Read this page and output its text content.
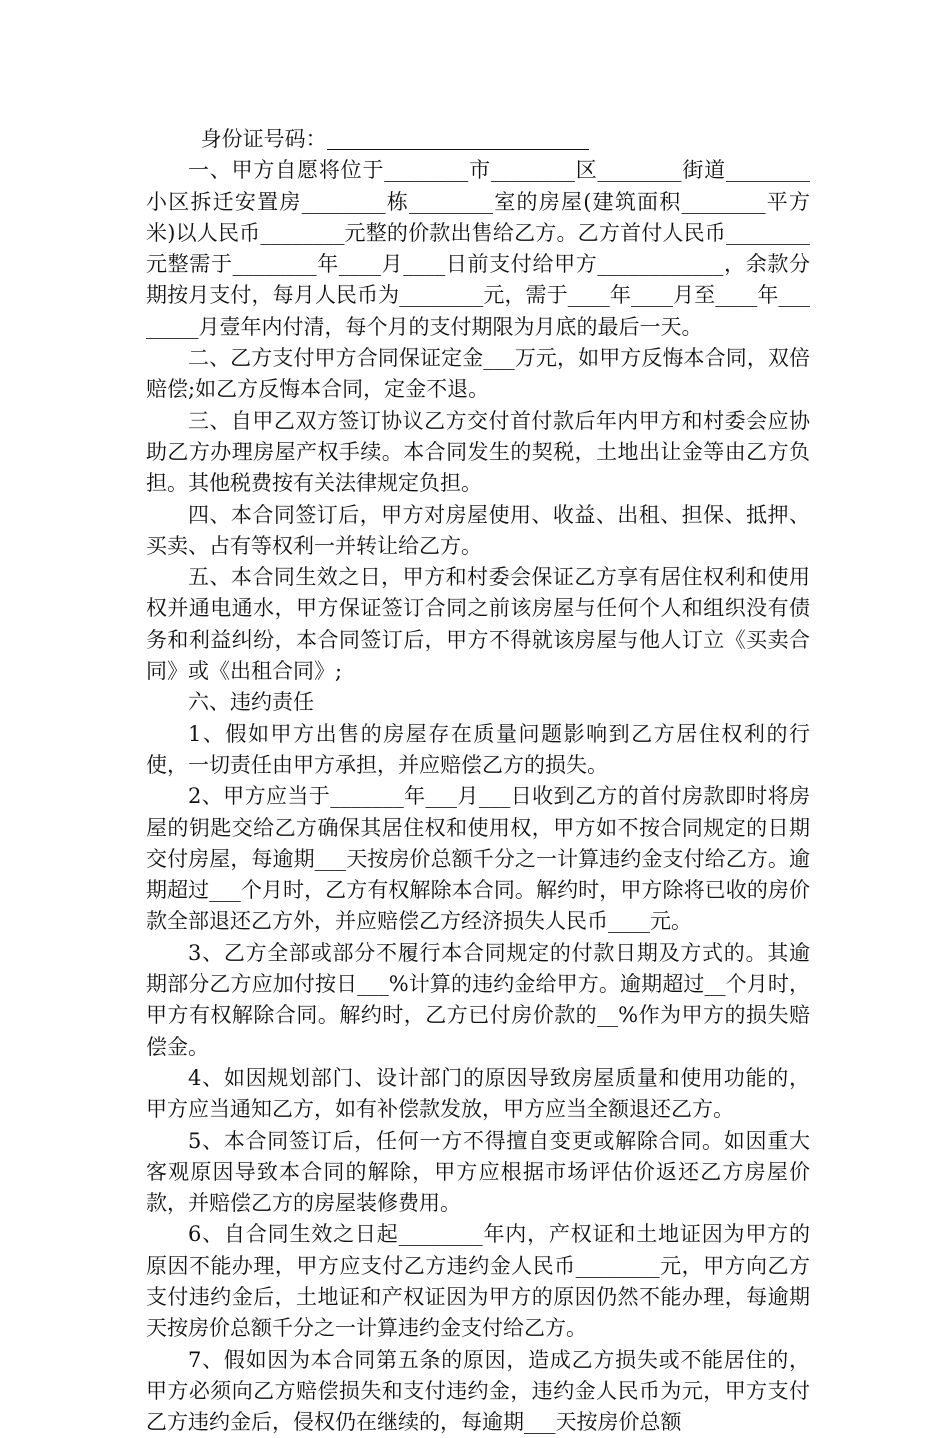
身份证号码：

一、甲方自愿将位于________市________区________街道________小区拆迁安置房________栋________室的房屋(建筑面积________平方米)以人民币________元整的价款出售给乙方。乙方首付人民币________元整需于________年____月____日前支付给甲方____________，余款分期按月支付，每月人民币为________元，需于____年____月至____年________月壹年内付清，每个月的支付期限为月底的最后一天。

二、乙方支付甲方合同保证定金___万元，如甲方反悔本合同，双倍赔偿;如乙方反悔本合同，定金不退。

三、自甲乙双方签订协议乙方交付首付款后年内甲方和村委会应协助乙方办理房屋产权手续。本合同发生的契税，土地出让金等由乙方负担。其他税费按有关法律规定负担。

四、本合同签订后，甲方对房屋使用、收益、出租、担保、抵押、买卖、占有等权利一并转让给乙方。

五、本合同生效之日，甲方和村委会保证乙方享有居住权利和使用权并通电通水，甲方保证签订合同之前该房屋与任何个人和组织没有债务和利益纠纷，本合同签订后，甲方不得就该房屋与他人订立《买卖合同》或《出租合同》;

六、违约责任

1、假如甲方出售的房屋存在质量问题影响到乙方居住权利的行使，一切责任由甲方承担，并应赔偿乙方的损失。

2、甲方应当于_______年___月___日收到乙方的首付房款即时将房屋的钥匙交给乙方确保其居住权和使用权，甲方如不按合同规定的日期交付房屋，每逾期___天按房价总额千分之一计算违约金支付给乙方。逾期超过___个月时，乙方有权解除本合同。解约时，甲方除将已收的房价款全部退还乙方外，并应赔偿乙方经济损失人民币____元。

3、乙方全部或部分不履行本合同规定的付款日期及方式的。其逾期部分乙方应加付按日___%计算的违约金给甲方。逾期超过__个月时，甲方有权解除合同。解约时，乙方已付房价款的__%作为甲方的损失赔偿金。

4、如因规划部门、设计部门的原因导致房屋质量和使用功能的，甲方应当通知乙方，如有补偿款发放，甲方应当全额退还乙方。

5、本合同签订后，任何一方不得擅自变更或解除合同。如因重大客观原因导致本合同的解除，甲方应根据市场评估价返还乙方房屋价款，并赔偿乙方的房屋装修费用。

6、自合同生效之日起________年内，产权证和土地证因为甲方的原因不能办理，甲方应支付乙方违约金人民币________元，甲方向乙方支付违约金后，土地证和产权证因为甲方的原因仍然不能办理，每逾期天按房价总额千分之一计算违约金支付给乙方。

7、假如因为本合同第五条的原因，造成乙方损失或不能居住的，甲方必须向乙方赔偿损失和支付违约金，违约金人民币为元，甲方支付乙方违约金后，侵权仍在继续的，每逾期___天按房价总额
